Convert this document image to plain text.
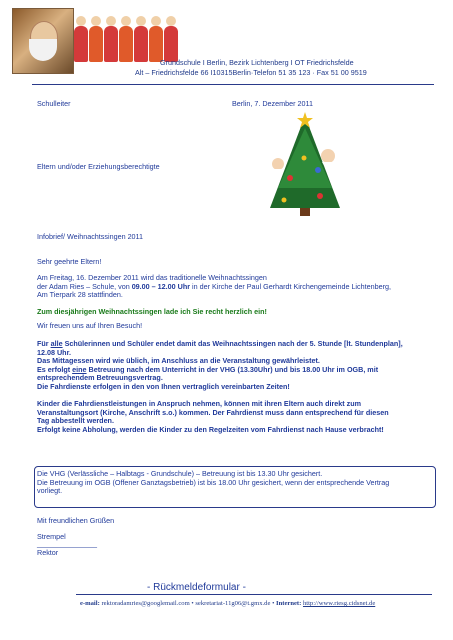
Grundschule I Berlin, Bezirk Lichtenberg I OT Friedrichsfelde
Alt – Friedrichsfelde 66 I10315Berlin·Telefon 51 35 123 · Fax 51 00 9519
Schulleiter	Berlin, 7. Dezember 2011
Eltern und/oder Erziehungsberechtigte
Infobrief/ Weihnachtssingen 2011
Sehr geehrte Eltern!
Am Freitag, 16. Dezember 2011 wird das traditionelle Weihnachtssingen
der Adam Ries – Schule, von 09.00 – 12.00 Uhr in der Kirche der Paul Gerhardt Kirchengemeinde Lichtenberg,
Am Tierpark 28 stattfinden.
Zum diesjährigen Weihnachtssingen lade ich Sie recht herzlich ein!
Wir freuen uns auf Ihren Besuch!
Für alle Schülerinnen und Schüler endet damit das Weihnachtssingen nach der 5. Stunde [lt. Stundenplan],
12.08 Uhr.
Das Mittagessen wird wie üblich, im Anschluss an die Veranstaltung gewährleistet.
Es erfolgt eine Betreuung nach dem Unterricht in der VHG (13.30Uhr) und bis 18.00 Uhr im OGB, mit
entsprechendem Betreuungsvertrag.
Die Fahrdienste erfolgen in den von Ihnen vertraglich vereinbarten Zeiten!
Kinder die Fahrdienstleistungen in Anspruch nehmen, können mit ihren Eltern auch direkt zum
Veranstaltungsort (Kirche, Anschrift s.o.) kommen. Der Fahrdienst muss dann entsprechend für diesen
Tag abbestellt werden.
Erfolgt keine Abholung, werden die Kinder zu den Regelzeiten vom Fahrdienst nach Hause verbracht!
Die VHG (Verlässliche – Halbtags - Grundschule) – Betreuung ist bis 13.30 Uhr gesichert.
Die Betreuung im OGB (Offener Ganztagsbetrieb) ist bis 18.00 Uhr gesichert, wenn der entsprechende Vertrag
vorliegt.
Mit freundlichen Grüßen
Strempel
_______________
Rektor
- Rückmeldeformular -
e-mail: rektoradamries@googlemail.com • sekretariat-11g06@t.gmx.de • Internet: http://www.riesg.cidsnet.de
